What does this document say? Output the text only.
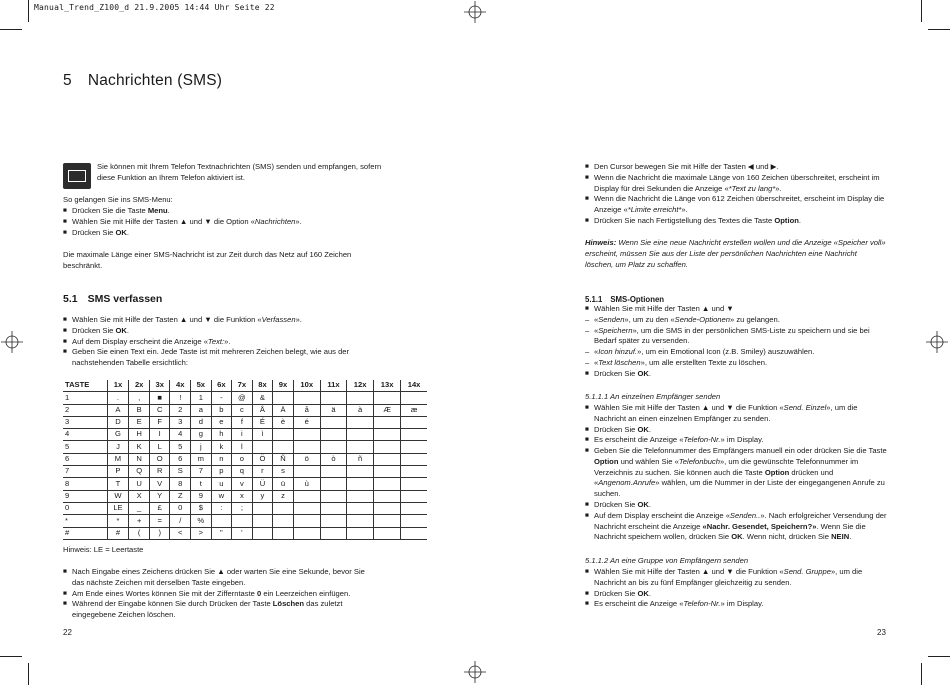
Manual_Trend_Z100_d 21.9.2005 14:44 Uhr Seite 22
5 Nachrichten (SMS)

Sie können mit Ihrem Telefon Textnachrichten (SMS) senden und empfangen, sofern diese Funktion an Ihrem Telefon aktiviert ist.

So gelangen Sie ins SMS-Menu:

■ Drücken Sie die Taste Menu.
■ Wählen Sie mit Hilfe der Tasten ▲ und ▼ die Option «Nachrichten».
■ Drücken Sie OK.

Die maximale Länge einer SMS-Nachricht ist zur Zeit durch das Netz auf 160 Zeichen beschränkt.

5.1 SMS verfassen
■ Wählen Sie mit Hilfe der Tasten ▲ und ▼ die Funktion «Verfassen».
■ Drücken Sie OK.
■ Auf dem Display erscheint die Anzeige «Text:».
■ Geben Sie einen Text ein. Jede Taste ist mit mehreren Zeichen belegt, wie aus der nachstehenden Tabelle ersichtlich:
TASTE	1x	2x	3x	4x	5x	6x	7x	8x	9x	10x	11x	12x	13x	14x
1	.	,	■	!	1	-	@	&						
2	A	B	C	2	a	b	c	Å	Ä	å	ä	à	Æ	æ
3	D	E	F	3	d	e	f	É	è	é				
4	G	H	I	4	g	h	i	ì						
5	J	K	L	5	j	k	l							
6	M	N	O	6	m	n	o	Ö	Ñ	ö	ò	ñ		
7	P	Q	R	S	7	p	q	r	s					
8	T	U	V	8	t	u	v	Ü	ü	ù				
9	W	X	Y	Z	9	w	x	y	z					
0	LE	_	£	0	$	:	;							
*	*	+	=	/	%									
#	#	(	)	<	>	"	'							

Hinweis: LE = Leertaste

■ Nach Eingabe eines Zeichens drücken Sie ▲ oder warten Sie eine Sekunde, bevor Sie das nächste Zeichen mit derselben Taste eingeben.
■ Am Ende eines Wortes können Sie mit der Zifferntaste 0 ein Leerzeichen einfügen.
■ Während der Eingabe können Sie durch Drücken der Taste Löschen das zuletzt eingegebene Zeichen löschen.
22
■ Den Cursor bewegen Sie mit Hilfe der Tasten ◀ und ▶.
■ Wenn die Nachricht die maximale Länge von 160 Zeichen überschreitet, erscheint im Display für drei Sekunden die Anzeige «*Text zu lang*».
■ Wenn die Nachricht die Länge von 612 Zeichen überschreitet, erscheint im Display die Anzeige «*Limite erreicht*».
■ Drücken Sie nach Fertigstellung des Textes die Taste Option.

Hinweis: Wenn Sie eine neue Nachricht erstellen wollen und die Anzeige «Speicher voll» erscheint, müssen Sie aus der Liste der persönlichen Nachrichten eine Nachricht löschen, um Platz zu schaffen.

5.1.1 SMS-Optionen
■ Wählen Sie mit Hilfe der Tasten ▲ und ▼
– «Senden», um zu den «Sende-Optionen» zu gelangen.
– «Speichern», um die SMS in der persönlichen SMS-Liste zu speichern und sie bei Bedarf später zu versenden.
– «Icon hinzuf.», um ein Emotional Icon (z.B. Smiley) auszuwählen.
– «Text löschen», um alle erstellten Texte zu löschen.
■ Drücken Sie OK.

5.1.1.1 An einzelnen Empfänger senden

■ Wählen Sie mit Hilfe der Tasten ▲ und ▼ die Funktion «Send. Einzel», um die Nachricht an einen einzelnen Empfänger zu senden.
■ Drücken Sie OK.
■ Es erscheint die Anzeige «Telefon-Nr.» im Display.
■ Geben Sie die Telefonnummer des Empfängers manuell ein oder drücken Sie die Taste Option und wählen Sie «Telefonbuch», um die gewünschte Telefonnummer im Verzeichnis zu suchen. Sie können auch die Taste Option drücken und «Angenom.Anrufe» wählen, um die Nummer in der Liste der eingegangenen Anrufe zu suchen.
■ Drücken Sie OK.
■ Auf dem Display erscheint die Anzeige «Senden..». Nach erfolgreicher Versendung der Nachricht erscheint die Anzeige «Nachr. Gesendet, Speichern?». Wenn Sie die Nachricht speichern wollen, drücken Sie OK. Wenn nicht, drücken Sie NEIN.

5.1.1.2 An eine Gruppe von Empfängern senden

■ Wählen Sie mit Hilfe der Tasten ▲ und ▼ die Funktion «Send. Gruppe», um die Nachricht an bis zu fünf Empfänger gleichzeitig zu senden.
■ Drücken Sie OK.
■ Es erscheint die Anzeige «Telefon-Nr.» im Display.
23
